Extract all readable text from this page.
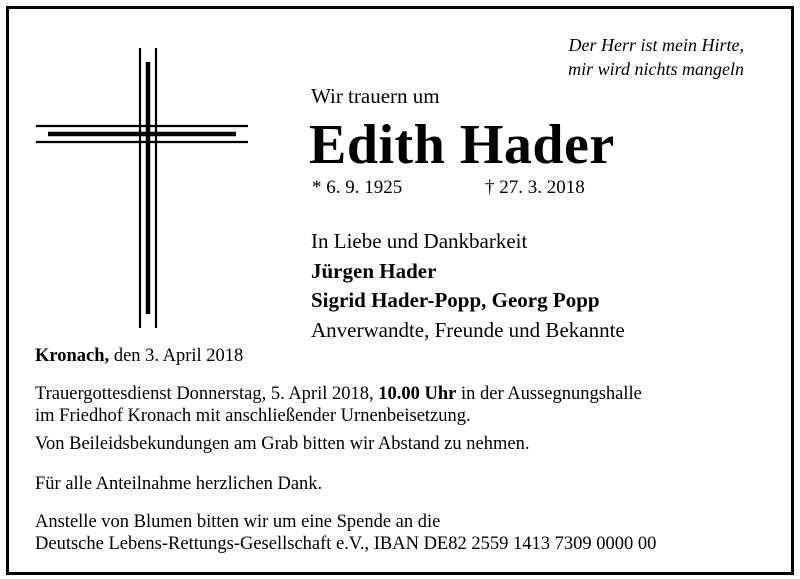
Der Herr ist mein Hirte,
mir wird nichts mangeln
Wir trauern um
Edith Hader
* 6. 9. 1925	† 27. 3. 2018
In Liebe und Dankbarkeit
Jürgen Hader
Sigrid Hader-Popp, Georg Popp
Anverwandte, Freunde und Bekannte
Kronach, den 3. April 2018
Trauergottesdienst Donnerstag, 5. April 2018, 10.00 Uhr in der Aussegnungshalle
im Friedhof Kronach mit anschließender Urnenbeisetzung.
Von Beileidsbekundungen am Grab bitten wir Abstand zu nehmen.
Für alle Anteilnahme herzlichen Dank.
Anstelle von Blumen bitten wir um eine Spende an die
Deutsche Lebens-Rettungs-Gesellschaft e.V., IBAN DE82 2559 1413 7309 0000 00
